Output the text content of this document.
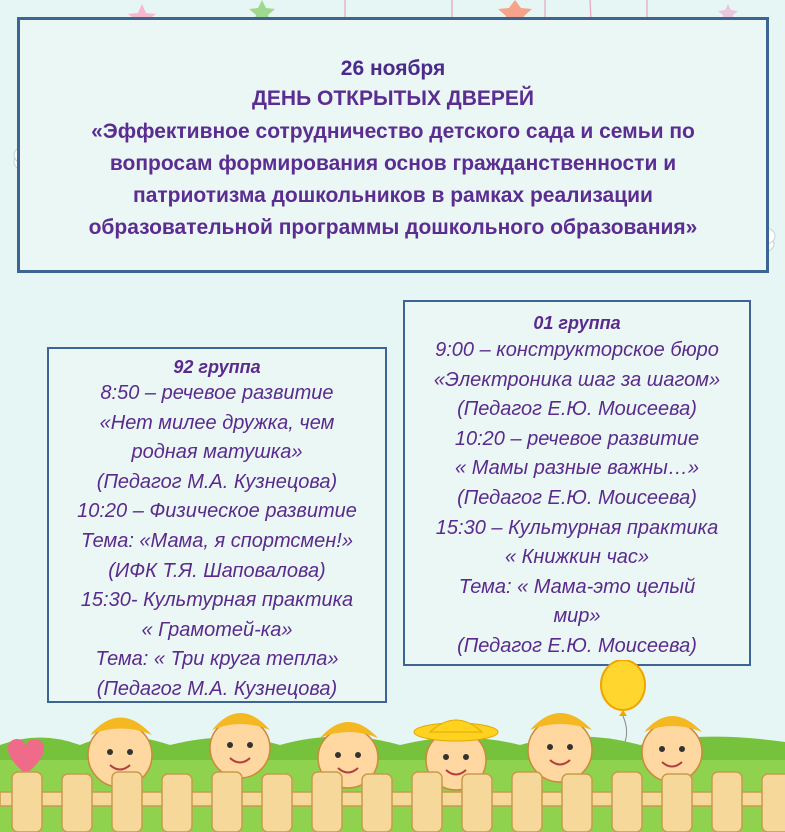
26 ноября
ДЕНЬ ОТКРЫТЫХ ДВЕРЕЙ
«Эффективное сотрудничество детского сада и семьи по
вопросам формирования основ гражданственности и
патриотизма дошкольников в рамках реализации
образовательной программы дошкольного образования»
92 группа
8:50 – речевое развитие
«Нет милее дружка, чем
родная матушка»
(Педагог М.А. Кузнецова)
10:20 – Физическое развитие
Тема: «Мама, я спортсмен!»
(ИФК Т.Я. Шаповалова)
15:30- Культурная практика
« Грамотей-ка»
Тема: « Три круга тепла»
(Педагог М.А. Кузнецова)
01 группа
9:00 – конструкторское бюро
«Электроника шаг за шагом»
(Педагог Е.Ю. Моисеева)
10:20 – речевое развитие
« Мамы разные важны…»
(Педагог Е.Ю. Моисеева)
15:30 – Культурная практика
« Книжкин час»
Тема: « Мама-это целый
мир»
(Педагог Е.Ю. Моисеева)
